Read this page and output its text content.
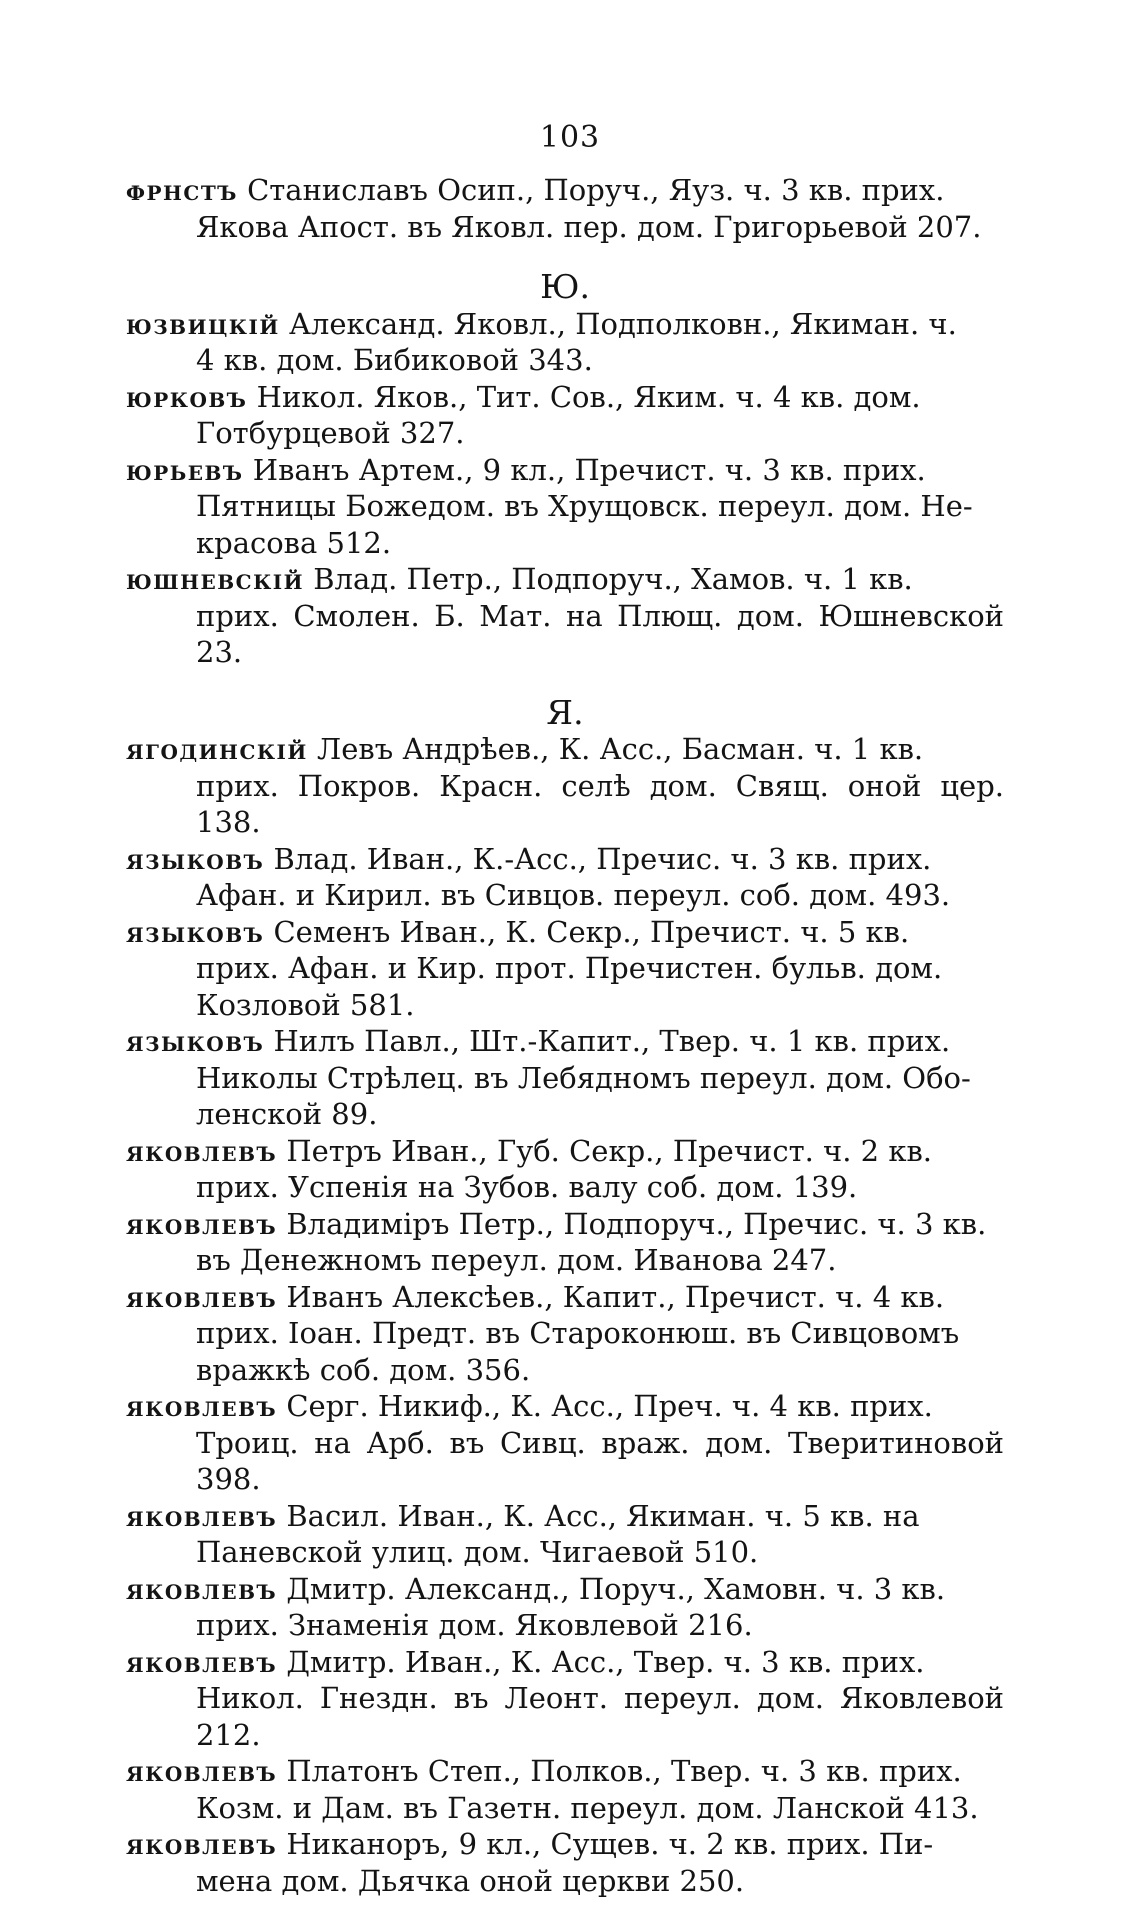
103
фрнстъ Станиславъ Осип., Поруч., Яуз. ч. 3 кв. прих.
Якова Апост. въ Яковл. пер. дом. Григорьевой 207.
Ю.
юзвицкій Александ. Яковл., Подполковн., Якиман. ч.
4 кв. дом. Бибиковой 343.
юрковъ Никол. Яков., Тит. Сов., Яким. ч. 4 кв. дом.
Готбурцевой 327.
юрьевъ Иванъ Артем., 9 кл., Пречист. ч. 3 кв. прих.
Пятницы Божедом. въ Хрущовск. переул. дом. Не-
красова 512.
юшневскій Влад. Петр., Подпоруч., Хамов. ч. 1 кв.
прих. Смолен. Б. Мат. на Плющ. дом. Юшневской 23.
Я.
ягодинскій Левъ Андрѣев., К. Асс., Басман. ч. 1 кв.
прих. Покров. Красн. селѣ дом. Свящ. оной цер. 138.
языковъ Влад. Иван., К.-Асс., Пречис. ч. 3 кв. прих.
Афан. и Кирил. въ Сивцов. переул. соб. дом. 493.
языковъ Семенъ Иван., К. Секр., Пречист. ч. 5 кв.
прих. Афан. и Кир. прот. Пречистен. бульв. дом.
Козловой 581.
языковъ Нилъ Павл., Шт.-Капит., Твер. ч. 1 кв. прих.
Николы Стрѣлец. въ Лебядномъ переул. дом. Обо-
ленской 89.
яковлевъ Петръ Иван., Губ. Секр., Пречист. ч. 2 кв.
прих. Успенія на Зубов. валу соб. дом. 139.
яковлевъ Владиміръ Петр., Подпоруч., Пречис. ч. 3 кв.
въ Денежномъ переул. дом. Иванова 247.
яковлевъ Иванъ Алексѣев., Капит., Пречист. ч. 4 кв.
прих. Іоан. Предт. въ Староконюш. въ Сивцовомъ
вражкѣ соб. дом. 356.
яковлевъ Серг. Никиф., К. Асс., Преч. ч. 4 кв. прих.
Троиц. на Арб. въ Сивц. враж. дом. Тверитиновой 398.
яковлевъ Васил. Иван., К. Асс., Якиман. ч. 5 кв. на
Паневской улиц. дом. Чигаевой 510.
яковлевъ Дмитр. Александ., Поруч., Хамовн. ч. 3 кв.
прих. Знаменія дом. Яковлевой 216.
яковлевъ Дмитр. Иван., К. Асс., Твер. ч. 3 кв. прих.
Никол. Гнездн. въ Леонт. переул. дом. Яковлевой 212.
яковлевъ Платонъ Степ., Полков., Твер. ч. 3 кв. прих.
Козм. и Дам. въ Газетн. переул. дом. Ланской 413.
яковлевъ Никаноръ, 9 кл., Сущев. ч. 2 кв. прих. Пи-
мена дом. Дьячка оной церкви 250.
